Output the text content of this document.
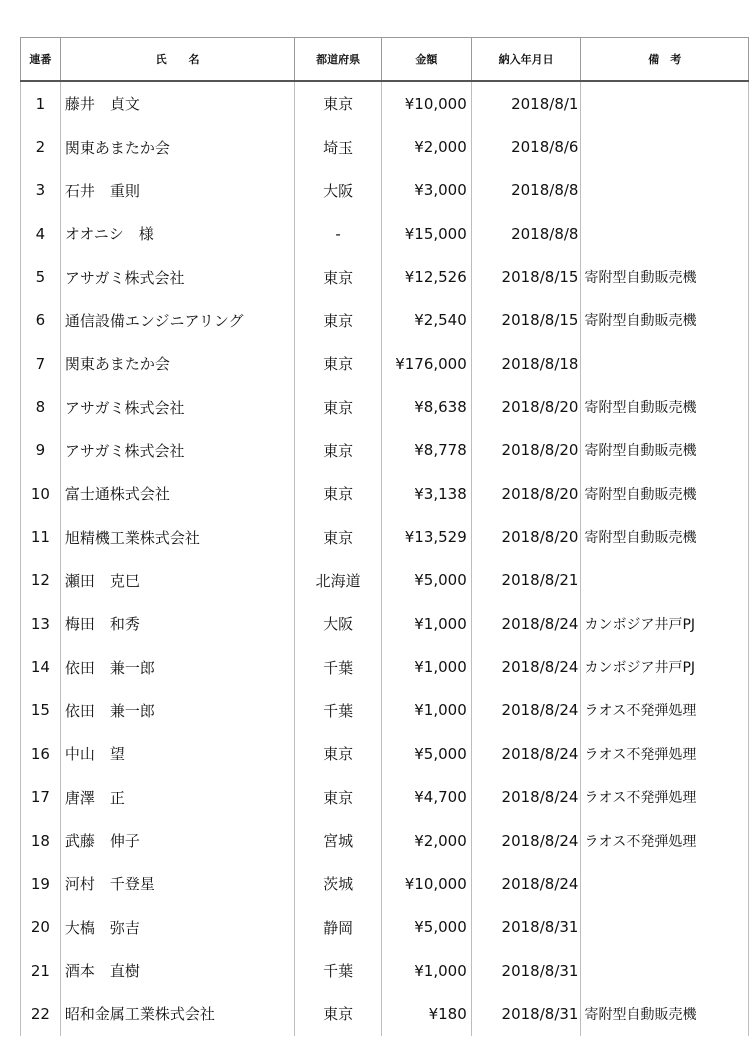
連番	氏　　名	都道府県	金額	納入年月日	備　考
1	藤井　貞文	東京	¥10,000	2018/8/1	
2	関東あまたか会	埼玉	¥2,000	2018/8/6	
3	石井　重則	大阪	¥3,000	2018/8/8	
4	オオニシ　様	-	¥15,000	2018/8/8	
5	アサガミ株式会社	東京	¥12,526	2018/8/15	寄附型自動販売機
6	通信設備エンジニアリング	東京	¥2,540	2018/8/15	寄附型自動販売機
7	関東あまたか会	東京	¥176,000	2018/8/18	
8	アサガミ株式会社	東京	¥8,638	2018/8/20	寄附型自動販売機
9	アサガミ株式会社	東京	¥8,778	2018/8/20	寄附型自動販売機
10	富士通株式会社	東京	¥3,138	2018/8/20	寄附型自動販売機
11	旭精機工業株式会社	東京	¥13,529	2018/8/20	寄附型自動販売機
12	瀬田　克巳	北海道	¥5,000	2018/8/21	
13	梅田　和秀	大阪	¥1,000	2018/8/24	カンボジア井戸PJ
14	依田　兼一郎	千葉	¥1,000	2018/8/24	カンボジア井戸PJ
15	依田　兼一郎	千葉	¥1,000	2018/8/24	ラオス不発弾処理
16	中山　望	東京	¥5,000	2018/8/24	ラオス不発弾処理
17	唐澤　正	東京	¥4,700	2018/8/24	ラオス不発弾処理
18	武藤　伸子	宮城	¥2,000	2018/8/24	ラオス不発弾処理
19	河村　千登星	茨城	¥10,000	2018/8/24	
20	大槗　弥吉	静岡	¥5,000	2018/8/31	
21	酒本　直樹	千葉	¥1,000	2018/8/31	
22	昭和金属工業株式会社	東京	¥180	2018/8/31	寄附型自動販売機
